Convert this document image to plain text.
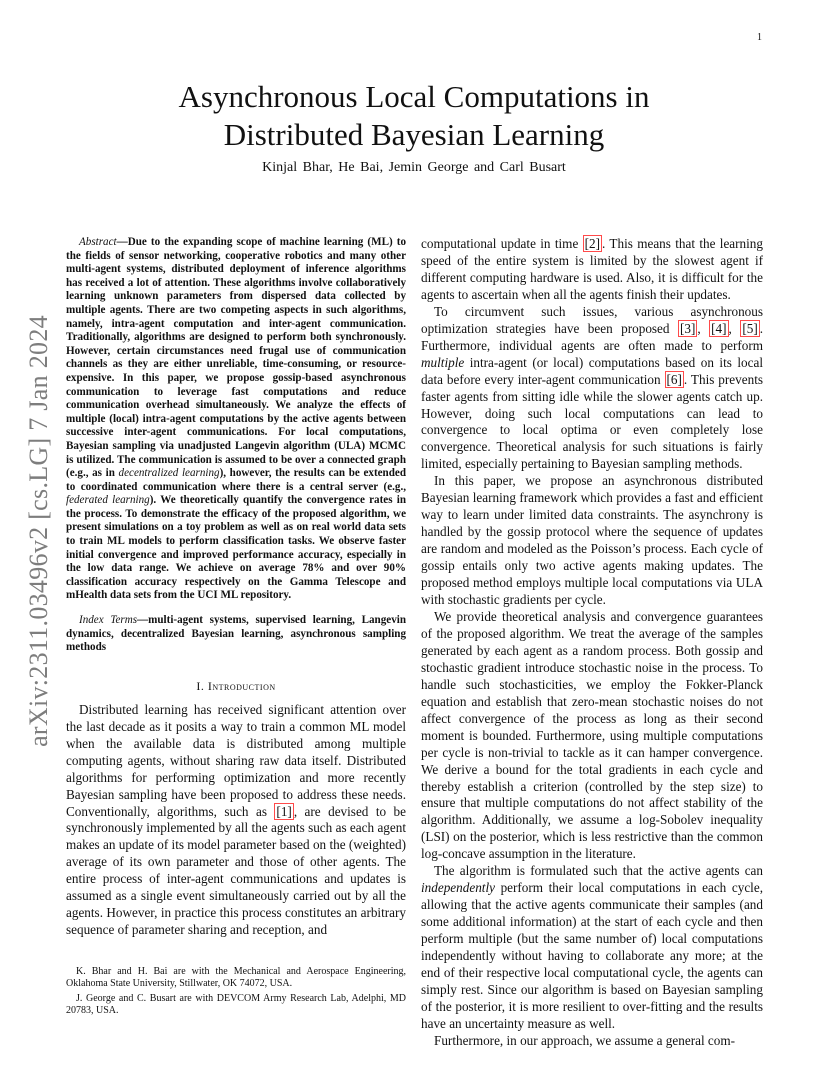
1
arXiv:2311.03496v2 [cs.LG] 7 Jan 2024
Asynchronous Local Computations in
Distributed Bayesian Learning
Kinjal Bhar, He Bai, Jemin George and Carl Busart

Abstract—Due to the expanding scope of machine learning (ML) to the fields of sensor networking, cooperative robotics and many other multi-agent systems, distributed deployment of inference algorithms has received a lot of attention. These algorithms involve collaboratively learning unknown parameters from dispersed data collected by multiple agents. There are two competing aspects in such algorithms, namely, intra-agent computation and inter-agent communication. Traditionally, algorithms are designed to perform both synchronously. However, certain circumstances need frugal use of communication channels as they are either unreliable, time-consuming, or resource-expensive. In this paper, we propose gossip-based asynchronous communication to leverage fast computations and reduce communication overhead simultaneously. We analyze the effects of multiple (local) intra-agent computations by the active agents between successive inter-agent communications. For local computations, Bayesian sampling via unadjusted Langevin algorithm (ULA) MCMC is utilized. The communication is assumed to be over a connected graph (e.g., as in decentralized learning), however, the results can be extended to coordinated communication where there is a central server (e.g., federated learning). We theoretically quantify the convergence rates in the process. To demonstrate the efficacy of the proposed algorithm, we present simulations on a toy problem as well as on real world data sets to train ML models to perform classification tasks. We observe faster initial convergence and improved performance accuracy, especially in the low data range. We achieve on average 78% and over 90% classification accuracy respectively on the Gamma Telescope and mHealth data sets from the UCI ML repository.

Index Terms—multi-agent systems, supervised learning, Langevin dynamics, decentralized Bayesian learning, asynchronous sampling methods

I. Introduction

Distributed learning has received significant attention over the last decade as it posits a way to train a common ML model when the available data is distributed among multiple computing agents, without sharing raw data itself. Distributed algorithms for performing optimization and more recently Bayesian sampling have been proposed to address these needs. Conventionally, algorithms, such as [1] , are devised to be synchronously implemented by all the agents such as each agent makes an update of its model parameter based on the (weighted) average of its own parameter and those of other agents. The entire process of inter-agent communications and updates is assumed as a single event simultaneously carried out by all the agents. However, in practice this process constitutes an arbitrary sequence of parameter sharing and reception, and

K. Bhar and H. Bai are with the Mechanical and Aerospace Engineering, Oklahoma State University, Stillwater, OK 74072, USA.

J. George and C. Busart are with DEVCOM Army Research Lab, Adelphi, MD 20783, USA.

computational update in time [2] . This means that the learning speed of the entire system is limited by the slowest agent if different computing hardware is used. Also, it is difficult for the agents to ascertain when all the agents finish their updates.

To circumvent such issues, various asynchronous optimization strategies have been proposed [3] , [4] , [5] . Furthermore, individual agents are often made to perform multiple intra-agent (or local) computations based on its local data before every inter-agent communication [6] . This prevents faster agents from sitting idle while the slower agents catch up. However, doing such local computations can lead to convergence to local optima or even completely lose convergence. Theoretical analysis for such situations is fairly limited, especially pertaining to Bayesian sampling methods.

In this paper, we propose an asynchronous distributed Bayesian learning framework which provides a fast and efficient way to learn under limited data constraints. The asynchrony is handled by the gossip protocol where the sequence of updates are random and modeled as the Poisson’s process. Each cycle of gossip entails only two active agents making updates. The proposed method employs multiple local computations via ULA with stochastic gradients per cycle.

We provide theoretical analysis and convergence guarantees of the proposed algorithm. We treat the average of the samples generated by each agent as a random process. Both gossip and stochastic gradient introduce stochastic noise in the process. To handle such stochasticities, we employ the Fokker-Planck equation and establish that zero-mean stochastic noises do not affect convergence of the process as long as their second moment is bounded. Furthermore, using multiple computations per cycle is non-trivial to tackle as it can hamper convergence. We derive a bound for the total gradients in each cycle and thereby establish a criterion (controlled by the step size) to ensure that multiple computations do not affect stability of the algorithm. Additionally, we assume a log-Sobolev inequality (LSI) on the posterior, which is less restrictive than the common log-concave assumption in the literature.

The algorithm is formulated such that the active agents can independently perform their local computations in each cycle, allowing that the active agents communicate their samples (and some additional information) at the start of each cycle and then perform multiple (but the same number of) local computations independently without having to collaborate any more; at the end of their respective local computational cycle, the agents can simply rest. Since our algorithm is based on Bayesian sampling of the posterior, it is more resilient to over-fitting and the results have an uncertainty measure as well.

Furthermore, in our approach, we assume a general com-
